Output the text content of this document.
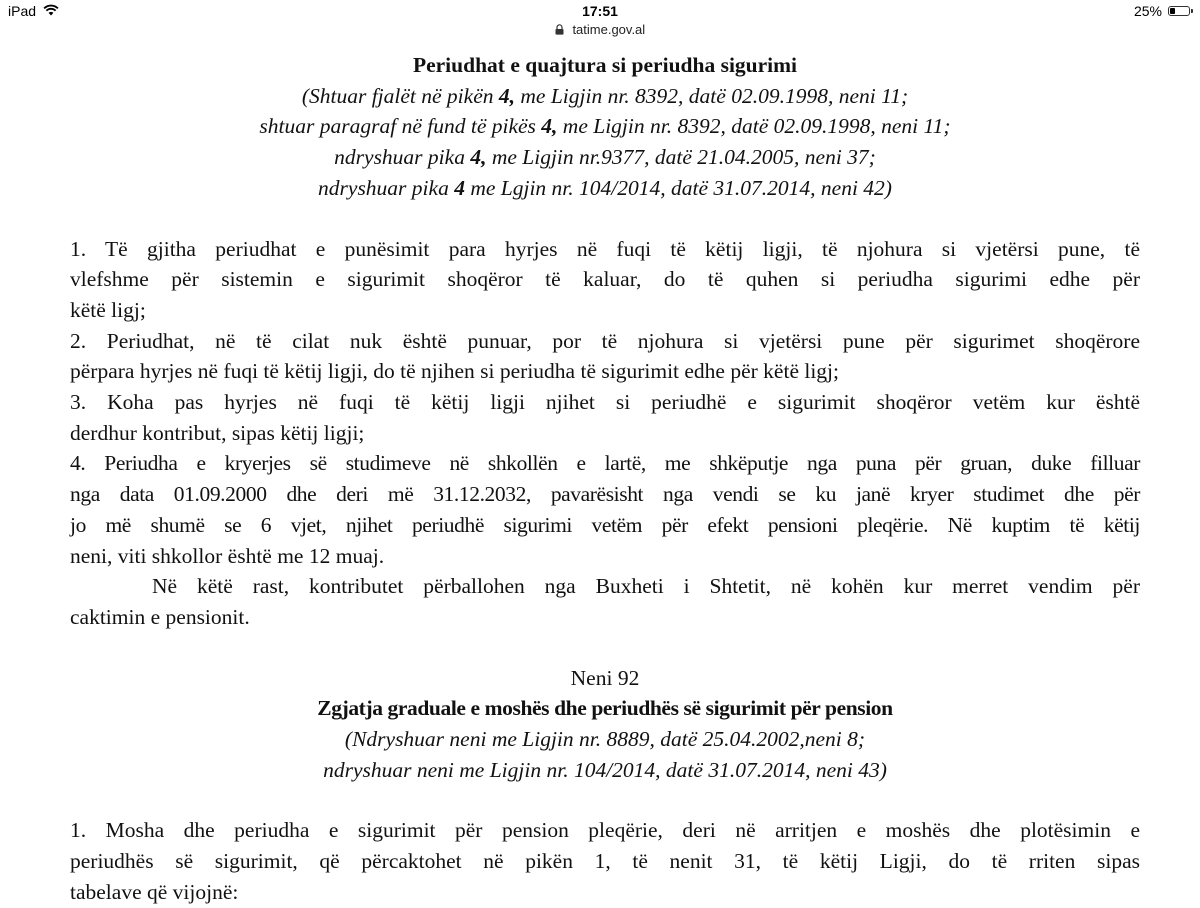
iPad	17:51	25%
tatime.gov.al
Periudhat e quajtura si periudha sigurimi
(Shtuar fjalët në pikën 4, me Ligjin nr. 8392, datë 02.09.1998, neni 11;
shtuar paragraf në fund të pikës 4, me Ligjin nr. 8392, datë 02.09.1998, neni 11;
ndryshuar pika 4, me Ligjin nr.9377, datë 21.04.2005, neni 37;
ndryshuar pika 4 me Lgjin nr. 104/2014, datë 31.07.2014, neni 42)
1. Të gjitha periudhat e punësimit para hyrjes në fuqi të këtij ligji, të njohura si vjetërsi pune, të
vlefshme për sistemin e sigurimit shoqëror të kaluar, do të quhen si periudha sigurimi edhe për
këtë ligj;
2. Periudhat, në të cilat nuk është punuar, por të njohura si vjetërsi pune për sigurimet shoqërore
përpara hyrjes në fuqi të këtij ligji, do të njihen si periudha të sigurimit edhe për këtë ligj;
3. Koha pas hyrjes në fuqi të këtij ligji njihet si periudhë e sigurimit shoqëror vetëm kur është
derdhur kontribut, sipas këtij ligji;
4. Periudha e kryerjes së studimeve në shkollën e lartë, me shkëputje nga puna për gruan, duke filluar
nga data 01.09.2000 dhe deri më 31.12.2032, pavarësisht nga vendi se ku janë kryer studimet dhe për
jo më shumë se 6 vjet, njihet periudhë sigurimi vetëm për efekt pensioni pleqërie. Në kuptim të këtij
neni, viti shkollor është me 12 muaj.
Në këtë rast, kontributet përballohen nga Buxheti i Shtetit, në kohën kur merret vendim për
caktimin e pensionit.
Neni 92
Zgjatja graduale e moshës dhe periudhës së sigurimit për pension
(Ndryshuar neni me Ligjin nr. 8889, datë 25.04.2002,neni 8;
ndryshuar neni me Ligjin nr. 104/2014, datë 31.07.2014, neni 43)
1. Mosha dhe periudha e sigurimit për pension pleqërie, deri në arritjen e moshës dhe plotësimin e
periudhës së sigurimit, që përcaktohet në pikën 1, të nenit 31, të këtij Ligji, do të rriten sipas
tabelave që vijojnë:
